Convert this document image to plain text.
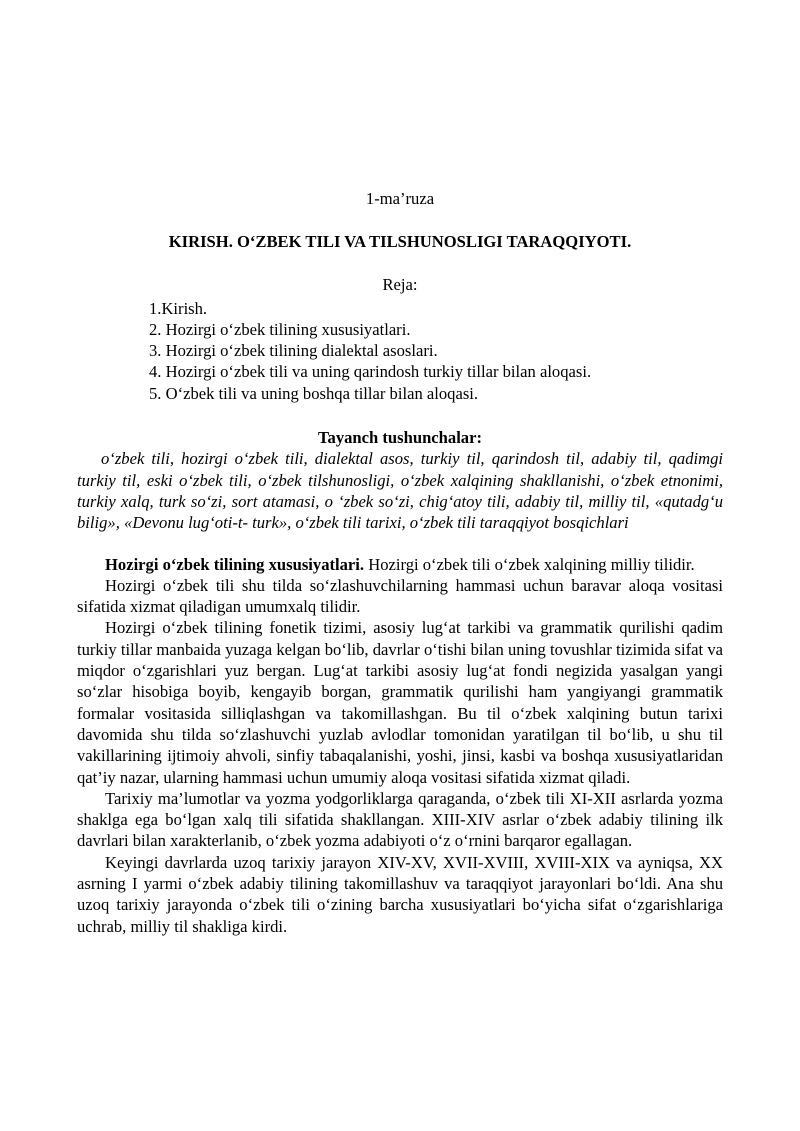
1-ma’ruza

KIRISH. O‘ZBEK TILI VA TILSHUNOSLIGI TARAQQIYOTI.

Reja:

1.Kirish.
2. Hozirgi o‘zbek tilining xususiyatlari.
3. Hozirgi o‘zbek tilining dialektal asoslari.
4. Hozirgi o‘zbek tili va uning qarindosh turkiy tillar bilan aloqasi.
5. O‘zbek tili va uning boshqa tillar bilan aloqasi.

Tayanch tushunchalar:

o‘zbek tili, hozirgi o‘zbek tili, dialektal asos, turkiy til, qarindosh til, adabiy til, qadimgi turkiy til, eski o‘zbek tili, o‘zbek tilshunosligi, o‘zbek xalqining shakllanishi, o‘zbek etnonimi, turkiy xalq, turk so‘zi, sort atamasi, o ‘zbek so‘zi, chig‘atoy tili, adabiy til, milliy til, «qutadg‘u bilig», «Devonu lug‘oti-t- turk», o‘zbek tili tarixi, o‘zbek tili taraqqiyot bosqichlari

Hozirgi o‘zbek tilining xususiyatlari. Hozirgi o‘zbek tili o‘zbek xalqining milliy tilidir.

Hozirgi o‘zbek tili shu tilda so‘zlashuvchilarning hammasi uchun baravar aloqa vositasi sifatida xizmat qiladigan umumxalq tilidir.

Hozirgi o‘zbek tilining fonetik tizimi, asosiy lug‘at tarkibi va grammatik qurilishi qadim turkiy tillar manbaida yuzaga kelgan bo‘lib, davrlar o‘tishi bilan uning tovushlar tizimida sifat va miqdor o‘zgarishlari yuz bergan. Lug‘at tarkibi asosiy lug‘at fondi negizida yasalgan yangi so‘zlar hisobiga boyib, kengayib borgan, grammatik qurilishi ham yangiyangi grammatik formalar vositasida silliqlashgan va takomillashgan. Bu til o‘zbek xalqining butun tarixi davomida shu tilda so‘zlashuvchi yuzlab avlodlar tomonidan yaratilgan til bo‘lib, u shu til vakillarining ijtimoiy ahvoli, sinfiy tabaqalanishi, yoshi, jinsi, kasbi va boshqa xususiyatlaridan qat’iy nazar, ularning hammasi uchun umumiy aloqa vositasi sifatida xizmat qiladi.

Tarixiy ma’lumotlar va yozma yodgorliklarga qaraganda, o‘zbek tili XI-XII asrlarda yozma shaklga ega bo‘lgan xalq tili sifatida shakllangan. XIII-XIV asrlar o‘zbek adabiy tilining ilk davrlari bilan xarakterlanib, o‘zbek yozma adabiyoti o‘z o‘rnini barqaror egallagan.

Keyingi davrlarda uzoq tarixiy jarayon XIV-XV, XVII-XVIII, XVIII-XIX va ayniqsa, XX asrning I yarmi o‘zbek adabiy tilining takomillashuv va taraqqiyot jarayonlari bo‘ldi. Ana shu uzoq tarixiy jarayonda o‘zbek tili o‘zining barcha xususiyatlari bo‘yicha sifat o‘zgarishlariga uchrab, milliy til shakliga kirdi.
